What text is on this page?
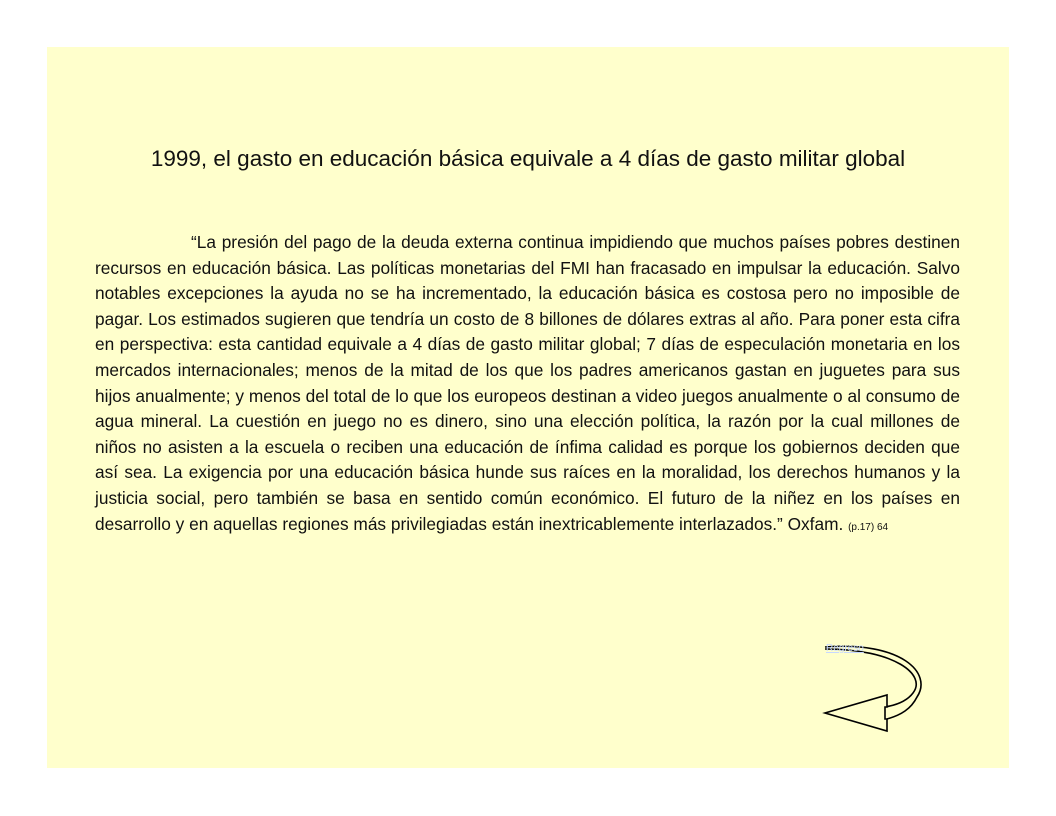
1999, el gasto en educación básica equivale a 4 días de gasto militar global

“La presión del pago de la deuda externa continua impidiendo que muchos países pobres destinen recursos en educación básica. Las políticas monetarias del FMI han fracasado en impulsar la educación. Salvo notables excepciones la ayuda no se ha incrementado, la educación básica es costosa pero no imposible de pagar. Los estimados sugieren que tendría un costo de 8 billones de dólares extras al año. Para poner esta cifra en perspectiva: esta cantidad equivale a 4 días de gasto militar global; 7 días de especulación monetaria en los mercados internacionales; menos de la mitad de los que los padres americanos gastan en juguetes para sus hijos anualmente; y menos del total de lo que los europeos destinan a video juegos anualmente o al consumo de agua mineral. La cuestión en juego no es dinero, sino una elección política, la razón por la cual millones de niños no asisten a la escuela o reciben una educación de ínfima calidad es porque los gobiernos deciden que así sea. La exigencia por una educación básica hunde sus raíces en la moralidad, los derechos humanos y la justicia social, pero también se basa en sentido común económico. El futuro de la niñez en los países en desarrollo y en aquellas regiones más privilegiadas están inextricablemente interlazados.” Oxfam. (p.17) 64

Regreso
